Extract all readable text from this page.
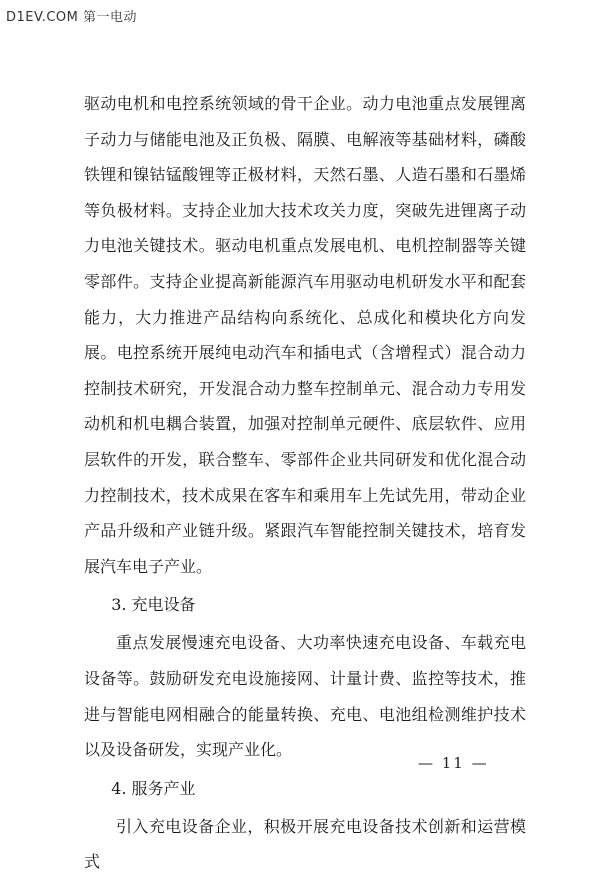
D1EV.COM 第一电动

驱动电机和电控系统领域的骨干企业。动力电池重点发展锂离子动力与储能电池及正负极、隔膜、电解液等基础材料，磷酸铁锂和镍钴锰酸锂等正极材料，天然石墨、人造石墨和石墨烯等负极材料。支持企业加大技术攻关力度，突破先进锂离子动力电池关键技术。驱动电机重点发展电机、电机控制器等关键零部件。支持企业提高新能源汽车用驱动电机研发水平和配套能力，大力推进产品结构向系统化、总成化和模块化方向发展。电控系统开展纯电动汽车和插电式（含增程式）混合动力控制技术研究，开发混合动力整车控制单元、混合动力专用发动机和机电耦合装置，加强对控制单元硬件、底层软件、应用层软件的开发，联合整车、零部件企业共同研发和优化混合动力控制技术，技术成果在客车和乘用车上先试先用，带动企业产品升级和产业链升级。紧跟汽车智能控制关键技术，培育发展汽车电子产业。

3. 充电设备

重点发展慢速充电设备、大功率快速充电设备、车载充电设备等。鼓励研发充电设施接网、计量计费、监控等技术，推进与智能电网相融合的能量转换、充电、电池组检测维护技术以及设备研发，实现产业化。

4. 服务产业

引入充电设备企业，积极开展充电设备技术创新和运营模式

— 11 —
